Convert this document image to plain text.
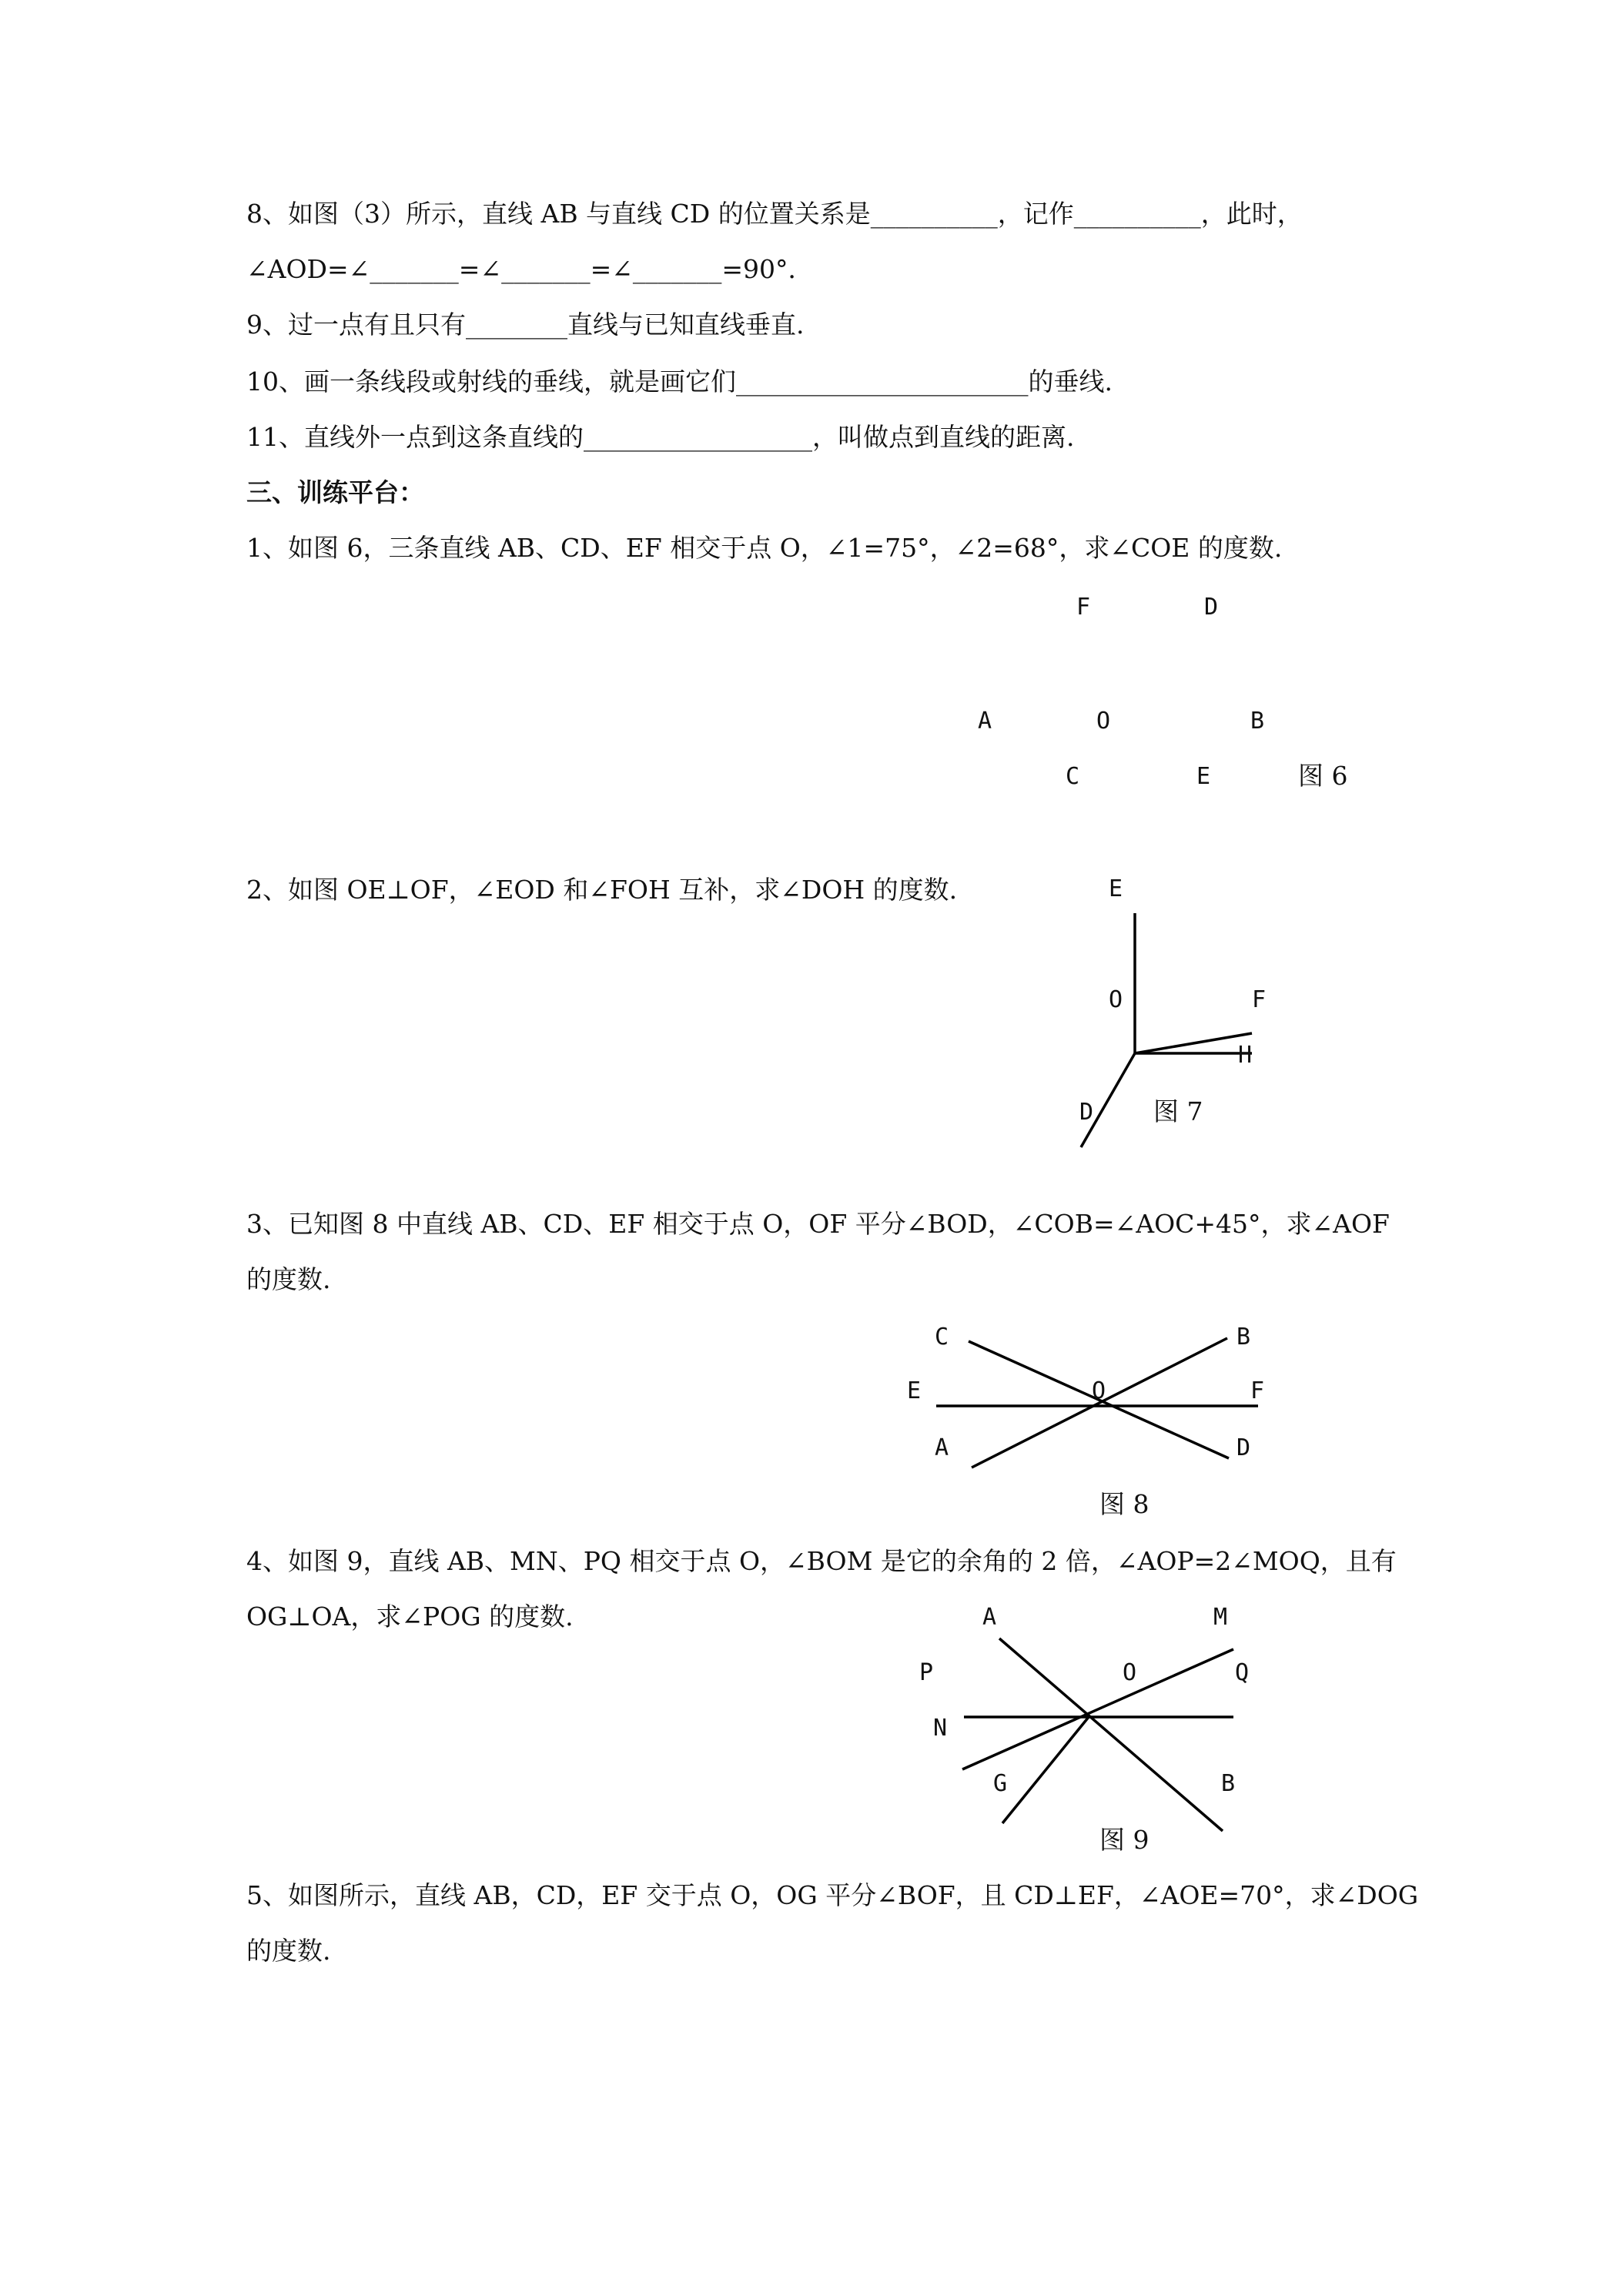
8、如图（3）所示，直线 AB 与直线 CD 的位置关系是__________，记作__________，此时，
∠AOD=∠_______=∠_______=∠_______=90°．
9、过一点有且只有________直线与已知直线垂直.
10、画一条线段或射线的垂线，就是画它们_______________________的垂线.
11、直线外一点到这条直线的__________________，叫做点到直线的距离.
三、训练平台：
1、如图 6，三条直线 AB、CD、EF 相交于点 O，∠1=75°，∠2=68°，求∠COE 的度数.
F	D
A	O	B
C	E	图 6
2、如图 OE⊥OF，∠EOD 和∠FOH 互补，求∠DOH 的度数.	E
O	F
H
D 图 7
3、已知图 8 中直线 AB、CD、EF 相交于点 O，OF 平分∠BOD，∠COB=∠AOC+45°，求∠AOF
的度数.
C	B
E	O	F
A	D
图 8
4、如图 9，直线 AB、MN、PQ 相交于点 O，∠BOM 是它的余角的 2 倍，∠AOP=2∠MOQ，且有
OG⊥OA，求∠POG 的度数.	A	M
P	O	Q
N
G	B
图 9
5、如图所示，直线 AB，CD，EF 交于点 O，OG 平分∠BOF，且 CD⊥EF，∠AOE=70°，求∠DOG
的度数.
